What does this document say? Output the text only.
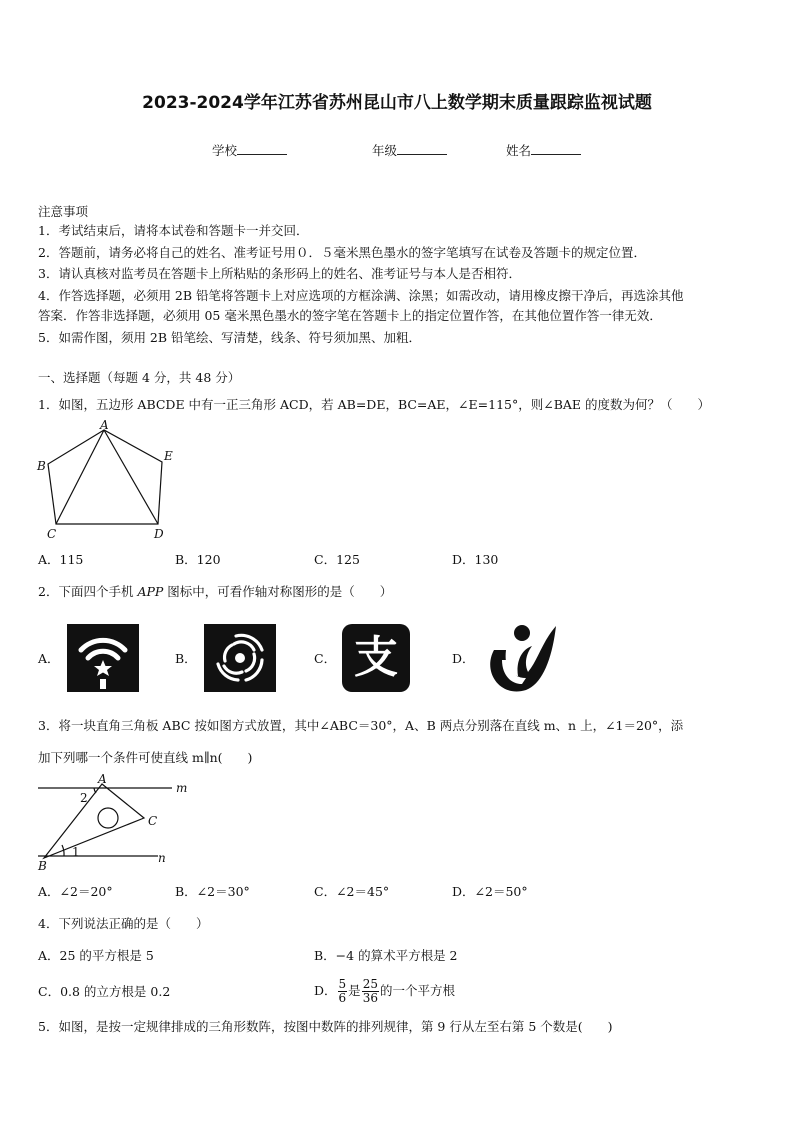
2023-2024学年江苏省苏州昆山市八上数学期末质量跟踪监视试题
学校	年级	姓名
注意事项
1．考试结束后，请将本试卷和答题卡一并交回．
2．答题前，请务必将自己的姓名、准考证号用０．５毫米黑色墨水的签字笔填写在试卷及答题卡的规定位置．
3．请认真核对监考员在答题卡上所粘贴的条形码上的姓名、准考证号与本人是否相符．
4．作答选择题，必须用 2B 铅笔将答题卡上对应选项的方框涂满、涂黑；如需改动，请用橡皮擦干净后，再选涂其他
答案．作答非选择题，必须用 05 毫米黑色墨水的签字笔在答题卡上的指定位置作答，在其他位置作答一律无效．
5．如需作图，须用 2B 铅笔绘、写清楚，线条、符号须加黑、加粗．
一、选择题（每题 4 分，共 48 分）
1．如图，五边形 ABCDE 中有一正三角形 ACD，若 AB=DE，BC=AE，∠E=115°，则∠BAE 的度数为何？（　　）
A
B
C	D
E
A．115	B．120	C．125	D．130
2．下面四个手机 APP 图标中，可看作轴对称图形的是（　　）
A．	B．	C． 支	D．
3．将一块直角三角板 ABC 按如图方式放置，其中∠ABC＝30°，A、B 两点分别落在直线 m、n 上，∠1＝20°，添
加下列哪一个条件可使直线 m∥n(　　)
A
B
C
m
n
1
2
A．∠2＝20°	B．∠2＝30°	C．∠2＝45°	D．∠2＝50°
4．下列说法正确的是（　　）
A．25 的平方根是 5	B．−4 的算术平方根是 2
C．0.8 的立方根是 0.2	D． $\frac{5}{6}$ 是 $\frac{25}{36}$ 的一个平方根
5．如图，是按一定规律排成的三角形数阵，按图中数阵的排列规律，第 9 行从左至右第 5 个数是(　　)
